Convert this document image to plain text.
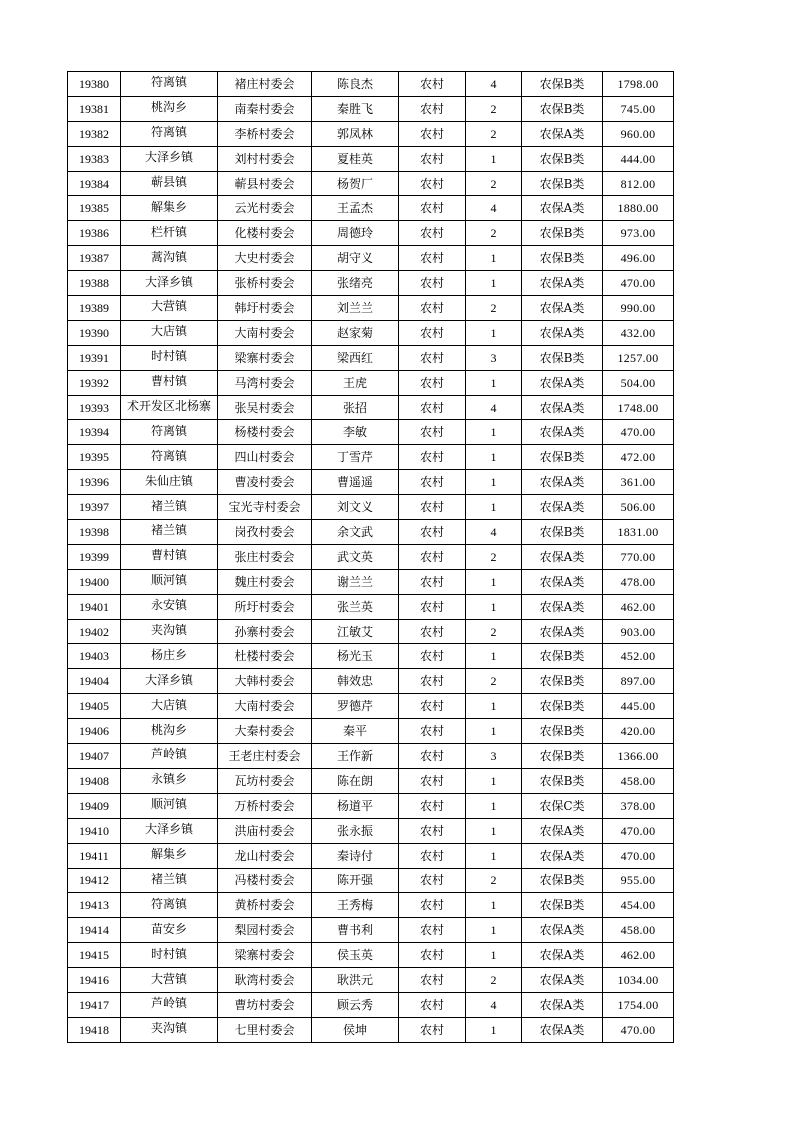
19380	符离镇	褚庄村委会	陈良杰	农村	4	农保B类	1798.00
19381	桃沟乡	南秦村委会	秦胜飞	农村	2	农保B类	745.00
19382	符离镇	李桥村委会	郭凤林	农村	2	农保A类	960.00
19383	大泽乡镇	刘村村委会	夏桂英	农村	1	农保B类	444.00
19384	蕲县镇	蕲县村委会	杨贺厂	农村	2	农保B类	812.00
19385	解集乡	云光村委会	王孟杰	农村	4	农保A类	1880.00
19386	栏杆镇	化楼村委会	周德玲	农村	2	农保B类	973.00
19387	蒿沟镇	大史村委会	胡守义	农村	1	农保B类	496.00
19388	大泽乡镇	张桥村委会	张绪亮	农村	1	农保A类	470.00
19389	大营镇	韩圩村委会	刘兰兰	农村	2	农保A类	990.00
19390	大店镇	大南村委会	赵家菊	农村	1	农保A类	432.00
19391	时村镇	梁寨村委会	梁西红	农村	3	农保B类	1257.00
19392	曹村镇	马湾村委会	王虎	农村	1	农保A类	504.00
19393	术开发区北杨寨	张吴村委会	张招	农村	4	农保A类	1748.00
19394	符离镇	杨楼村委会	李敏	农村	1	农保A类	470.00
19395	符离镇	四山村委会	丁雪芹	农村	1	农保B类	472.00
19396	朱仙庄镇	曹凌村委会	曹遥遥	农村	1	农保A类	361.00
19397	褚兰镇	宝光寺村委会	刘文义	农村	1	农保A类	506.00
19398	褚兰镇	岗孜村委会	余文武	农村	4	农保B类	1831.00
19399	曹村镇	张庄村委会	武文英	农村	2	农保A类	770.00
19400	顺河镇	魏庄村委会	谢兰兰	农村	1	农保A类	478.00
19401	永安镇	所圩村委会	张兰英	农村	1	农保A类	462.00
19402	夹沟镇	孙寨村委会	江敏艾	农村	2	农保A类	903.00
19403	杨庄乡	杜楼村委会	杨光玉	农村	1	农保B类	452.00
19404	大泽乡镇	大韩村委会	韩效忠	农村	2	农保B类	897.00
19405	大店镇	大南村委会	罗德芹	农村	1	农保B类	445.00
19406	桃沟乡	大秦村委会	秦平	农村	1	农保B类	420.00
19407	芦岭镇	王老庄村委会	王作新	农村	3	农保B类	1366.00
19408	永镇乡	瓦坊村委会	陈在朗	农村	1	农保B类	458.00
19409	顺河镇	万桥村委会	杨道平	农村	1	农保C类	378.00
19410	大泽乡镇	洪庙村委会	张永振	农村	1	农保A类	470.00
19411	解集乡	龙山村委会	秦诗付	农村	1	农保A类	470.00
19412	褚兰镇	冯楼村委会	陈开强	农村	2	农保B类	955.00
19413	符离镇	黄桥村委会	王秀梅	农村	1	农保B类	454.00
19414	苗安乡	梨园村委会	曹书利	农村	1	农保A类	458.00
19415	时村镇	梁寨村委会	侯玉英	农村	1	农保A类	462.00
19416	大营镇	耿湾村委会	耿洪元	农村	2	农保A类	1034.00
19417	芦岭镇	曹坊村委会	顾云秀	农村	4	农保A类	1754.00
19418	夹沟镇	七里村委会	侯坤	农村	1	农保A类	470.00
